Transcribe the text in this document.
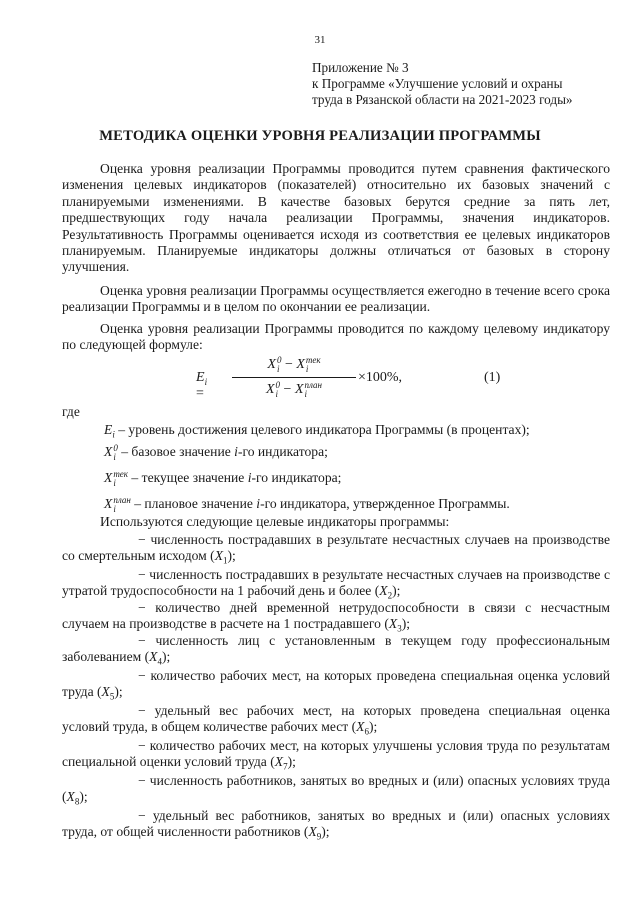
31
Приложение № 3
к Программе «Улучшение условий и охраны
труда в Рязанской области на 2021-2023 годы»
МЕТОДИКА ОЦЕНКИ УРОВНЯ РЕАЛИЗАЦИИ ПРОГРАММЫ
Оценка уровня реализации Программы проводится путем сравнения фактического изменения целевых индикаторов (показателей) относительно их базовых значений с планируемыми изменениями. В качестве базовых берутся средние за пять лет, предшествующих году начала реализации Программы, значения индикаторов. Результативность Программы оценивается исходя из соответствия ее целевых индикаторов планируемым. Планируемые индикаторы должны отличаться от базовых в сторону улучшения.
Оценка уровня реализации Программы осуществляется ежегодно в течение всего срока реализации Программы и в целом по окончании ее реализации.
Оценка уровня реализации Программы проводится по каждому целевому индикатору по следующей формуле:
$E_i$ =
X0
i − Xтек
i
X0
i − Xплан
i
×100%,	(1)
где
$E_i$ – уровень достижения целевого индикатора Программы (в процентах);
X0
i – базовое значение i-го индикатора;
Xтек
i – текущее значение i-го индикатора;
Xплан
i – плановое значение i-го индикатора, утвержденное Программы.
Используются следующие целевые индикаторы программы:
− численность пострадавших в результате несчастных случаев на производстве со смертельным исходом $(X_1)$;
− численность пострадавших в результате несчастных случаев на производстве с утратой трудоспособности на 1 рабочий день и более $(X_2)$;
− количество дней временной нетрудоспособности в связи с несчастным случаем на производстве в расчете на 1 пострадавшего $(X_3)$;
− численность лиц с установленным в текущем году профессиональным заболеванием $(X_4)$;
− количество рабочих мест, на которых проведена специальная оценка условий труда $(X_5)$;
− удельный вес рабочих мест, на которых проведена специальная оценка условий труда, в общем количестве рабочих мест $(X_6)$;
− количество рабочих мест, на которых улучшены условия труда по результатам специальной оценки условий труда $(X_7)$;
− численность работников, занятых во вредных и (или) опасных условиях труда $(X_8)$;
− удельный вес работников, занятых во вредных и (или) опасных условиях труда, от общей численности работников $(X_9)$;
